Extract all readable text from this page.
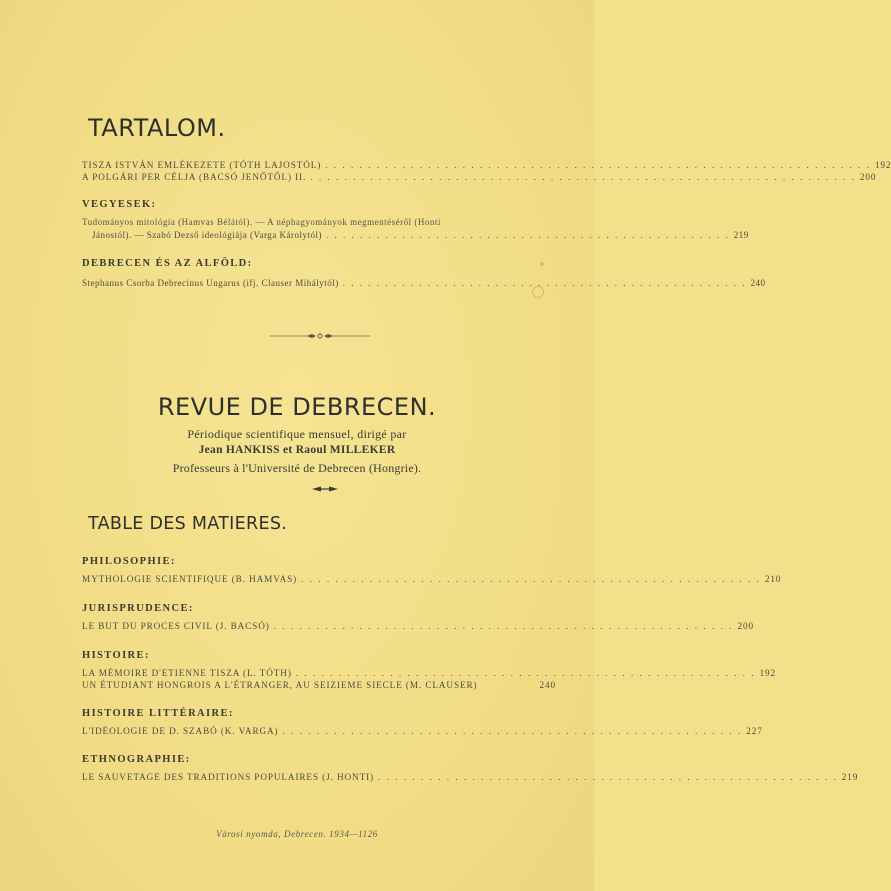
TARTALOM.
TISZA ISTVÁN EMLÉKEZETE (TÓTH LAJOSTÓL) . . . . . . . . . . . . . . . . . . . . . . . . . . . . . . . . . . . . . . . . . . . . . . . . . . . . . . . . . . . . . . . . 192
A POLGÁRI PER CÉLJA (BACSÓ JENŐTŐL) II. . . . . . . . . . . . . . . . . . . . . . . . . . . . . . . . . . . . . . . . . . . . . . . . . . . . . . . . . . . . . . . . . 200
VEGYESEK:
Tudományos mitológia (Hamvas Bélától). — A néphagyományok megmentéséről (Honti
Jánostól). — Szabó Dezső ideológiája (Varga Károlytól) . . . . . . . . . . . . . . . . . . . . . . . . . . . . . . . . . . . . . . . . . . . . . . . . 219
DEBRECEN ÉS AZ ALFÖLD:
Stephanus Csorba Debrecinus Ungarus (ifj. Clauser Mihálytól) . . . . . . . . . . . . . . . . . . . . . . . . . . . . . . . . . . . . . . . . . . . . . . . . 240
REVUE DE DEBRECEN.
Périodique scientifique mensuel, dirigé par
Jean HANKISS et Raoul MILLEKER
Professeurs à l'Université de Debrecen (Hongrie).
TABLE DES MATIERES.
PHILOSOPHIE:
MYTHOLOGIE SCIENTIFIQUE (B. HAMVAS) . . . . . . . . . . . . . . . . . . . . . . . . . . . . . . . . . . . . . . . . . . . . . . . . . . . . . . 210
JURISPRUDENCE:
LE BUT DU PROCES CIVIL (J. BACSÓ) . . . . . . . . . . . . . . . . . . . . . . . . . . . . . . . . . . . . . . . . . . . . . . . . . . . . . . 200
HISTOIRE:
LA MÉMOIRE D'ETIENNE TISZA (L. TÓTH) . . . . . . . . . . . . . . . . . . . . . . . . . . . . . . . . . . . . . . . . . . . . . . . . . . . . . . 192
UN ÉTUDIANT HONGROIS A L'ÉTRANGER, AU SEIZIEME SIECLE (M. CLAUSER)	240
HISTOIRE LITTÉRAIRE:
L'IDÉOLOGIE DE D. SZABÓ (K. VARGA) . . . . . . . . . . . . . . . . . . . . . . . . . . . . . . . . . . . . . . . . . . . . . . . . . . . . . . 227
ETHNOGRAPHIE:
LE SAUVETAGE DES TRADITIONS POPULAIRES (J. HONTI) . . . . . . . . . . . . . . . . . . . . . . . . . . . . . . . . . . . . . . . . . . . . . . . . . . . . . . 219
Városi nyomda, Debrecen. 1934—1126
